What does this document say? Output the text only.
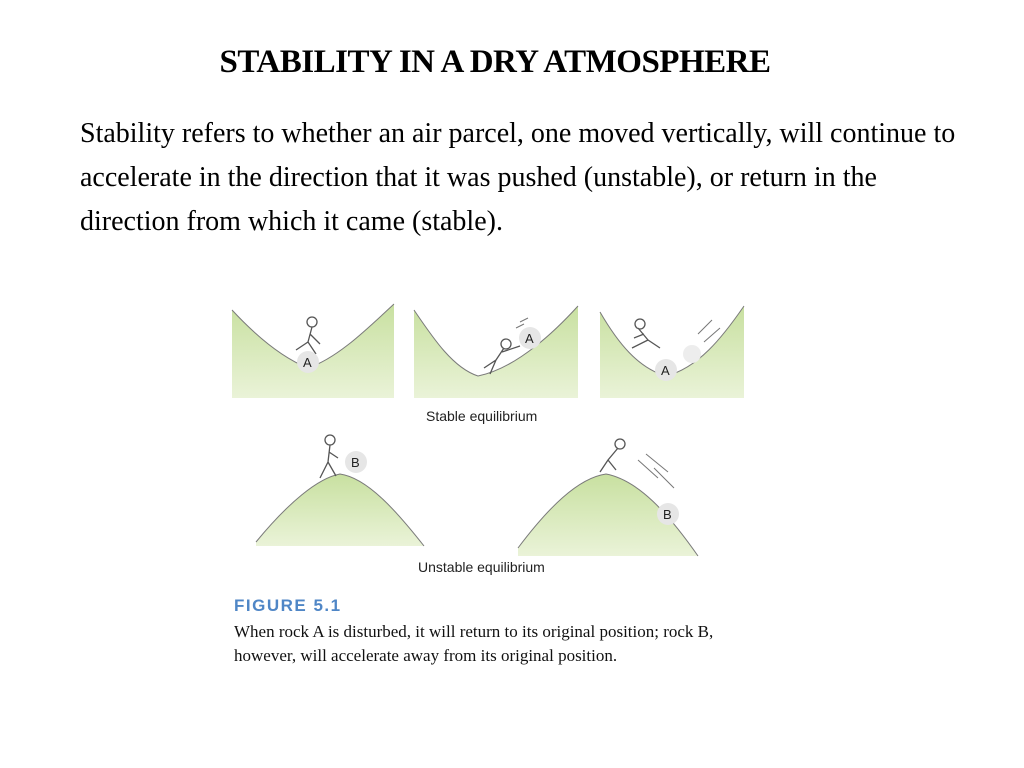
STABILITY IN A DRY ATMOSPHERE

Stability refers to whether an air parcel, one moved vertically, will continue to accelerate in the direction that it was pushed (unstable), or return in the direction from which it came (stable).

A
A
A
B
B
Stable equilibrium
Unstable equilibrium
FIGURE 5.1

When rock A is disturbed, it will return to its original position; rock B, however, will accelerate away from its original position.
